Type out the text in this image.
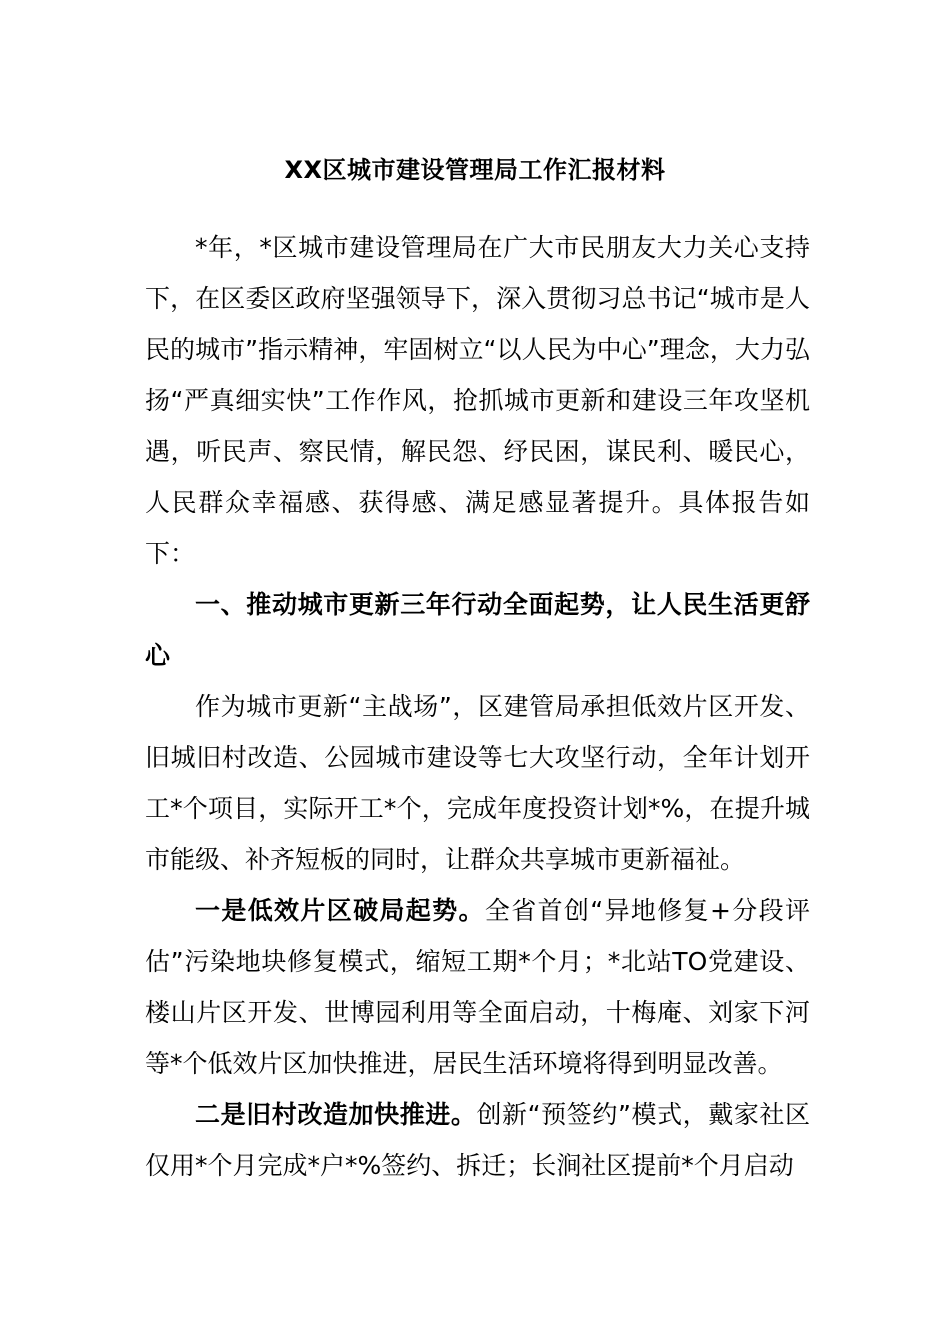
XX区城市建设管理局工作汇报材料

*年，*区城市建设管理局在广大市民朋友大力关心支持下，在区委区政府坚强领导下，深入贯彻习总书记“城市是人民的城市”指示精神，牢固树立“以人民为中心”理念，大力弘扬“严真细实快”工作作风，抢抓城市更新和建设三年攻坚机遇，听民声、察民情，解民怨、纾民困，谋民利、暖民心，人民群众幸福感、获得感、满足感显著提升。具体报告如下：

一、推动城市更新三年行动全面起势，让人民生活更舒心

作为城市更新“主战场”，区建管局承担低效片区开发、旧城旧村改造、公园城市建设等七大攻坚行动，全年计划开工*个项目，实际开工*个，完成年度投资计划*%，在提升城市能级、补齐短板的同时，让群众共享城市更新福祉。

一是低效片区破局起势。全省首创“异地修复+分段评估”污染地块修复模式，缩短工期*个月；*北站TO党建设、楼山片区开发、世博园利用等全面启动，十梅庵、刘家下河等*个低效片区加快推进，居民生活环境将得到明显改善。

二是旧村改造加快推进。创新“预签约”模式，戴家社区仅用*个月完成*户*%签约、拆迁；长涧社区提前*个月启动
